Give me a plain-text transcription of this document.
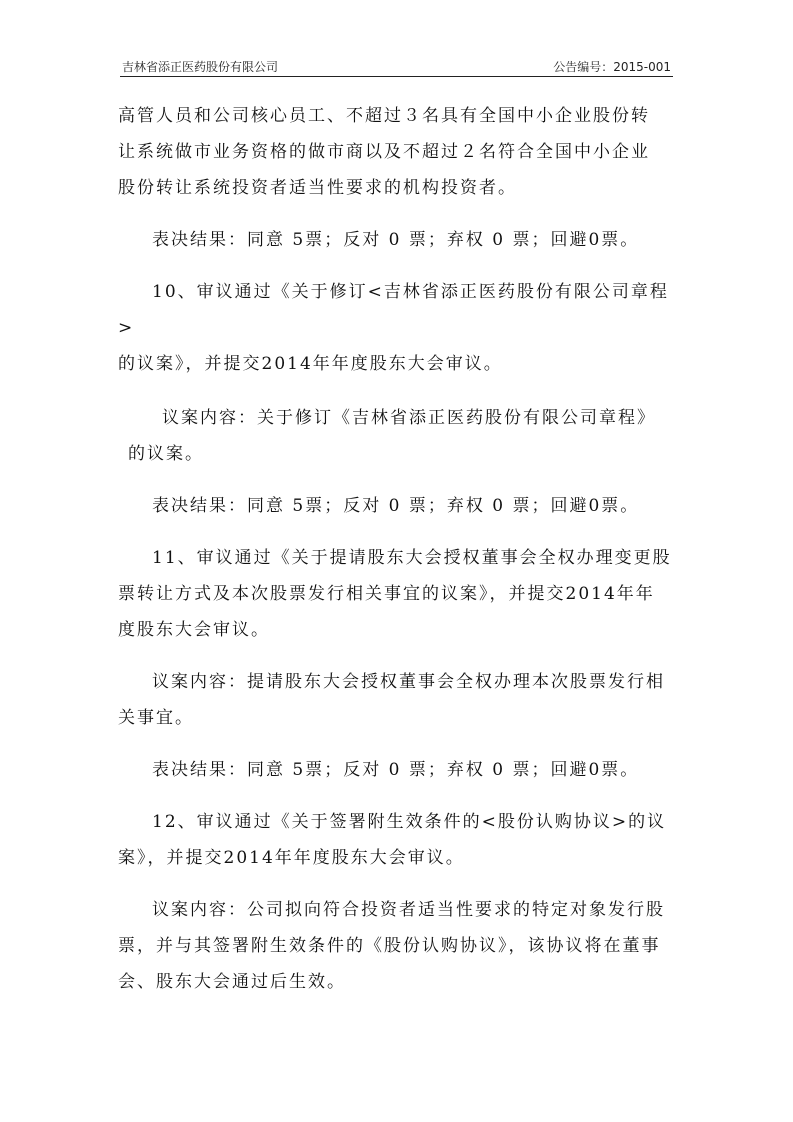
吉林省添正医药股份有限公司	公告编号：2015-001
高管人员和公司核心员工、不超过３名具有全国中小企业股份转
让系统做市业务资格的做市商以及不超过２名符合全国中小企业
股份转让系统投资者适当性要求的机构投资者。
表决结果：同意 5票；反对 0 票；弃权 0 票；回避0票。
10、审议通过《关于修订<吉林省添正医药股份有限公司章程>
的议案》，并提交2014年年度股东大会审议。
议案内容：关于修订《吉林省添正医药股份有限公司章程》
的议案。
表决结果：同意 5票；反对 0 票；弃权 0 票；回避0票。
11、审议通过《关于提请股东大会授权董事会全权办理变更股
票转让方式及本次股票发行相关事宜的议案》，并提交2014年年
度股东大会审议。
议案内容：提请股东大会授权董事会全权办理本次股票发行相
关事宜。
表决结果：同意 5票；反对 0 票；弃权 0 票；回避0票。
12、审议通过《关于签署附生效条件的<股份认购协议>的议
案》，并提交2014年年度股东大会审议。
议案内容：公司拟向符合投资者适当性要求的特定对象发行股
票，并与其签署附生效条件的《股份认购协议》，该协议将在董事
会、股东大会通过后生效。
